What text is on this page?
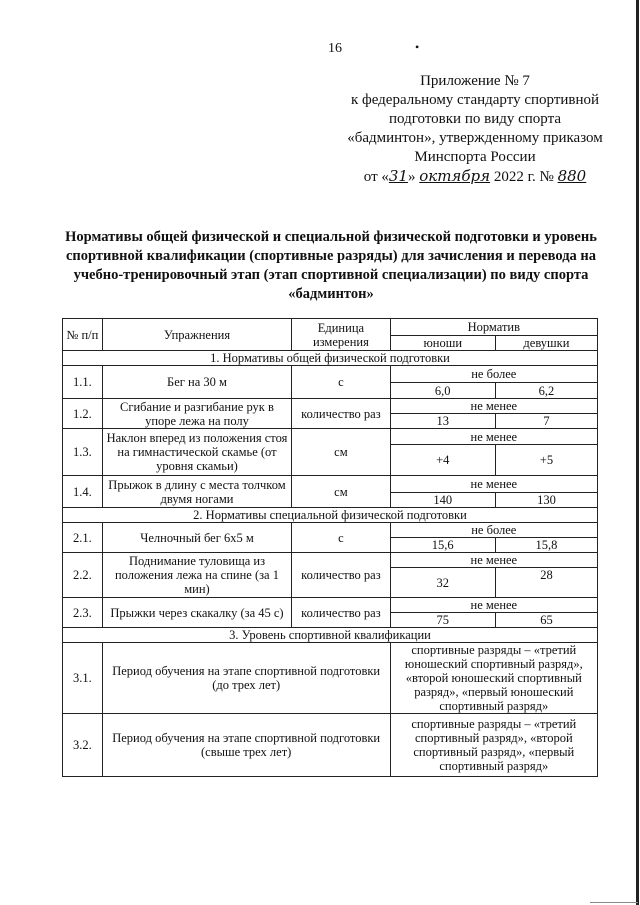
16	•
Приложение № 7
к федеральному стандарту спортивной
подготовки по виду спорта
«бадминтон», утвержденному приказом
Минспорта России
от «31» октября 2022 г. № 880
Нормативы общей физической и специальной физической подготовки и уровень спортивной квалификации (спортивные разряды) для зачисления и перевода на учебно-тренировочный этап (этап спортивной специализации) по виду спорта «бадминтон»
№ п/п	Упражнения	Единица измерения	Норматив	
			юноши	девушки
1. Нормативы общей физической подготовки				
1.1.	Бег на 30 м	с	не более	
			6,0	6,2
1.2.	Сгибание и разгибание рук в упоре лежа на полу	количество раз	не менее	
			13	7
1.3.	Наклон вперед из положения стоя на гимнастической скамье (от уровня скамьи)	см	не менее	
			+4	+5
1.4.	Прыжок в длину с места толчком двумя ногами	см	не менее	
			140	130
2. Нормативы специальной физической подготовки				
2.1.	Челночный бег 6х5 м	с	не более	
			15,6	15,8
2.2.	Поднимание туловища из положения лежа на спине (за 1 мин)	количество раз	не менее	
			32	28
2.3.	Прыжки через скакалку (за 45 с)	количество раз	не менее	
			75	65
3. Уровень спортивной квалификации				
3.1.	Период обучения на этапе спортивной подготовки (до трех лет)		спортивные разряды – «третий юношеский спортивный разряд», «второй юношеский спортивный разряд», «первый юношеский спортивный разряд»	
3.2.	Период обучения на этапе спортивной подготовки (свыше трех лет)		спортивные разряды – «третий спортивный разряд», «второй спортивный разряд», «первый спортивный разряд»	
